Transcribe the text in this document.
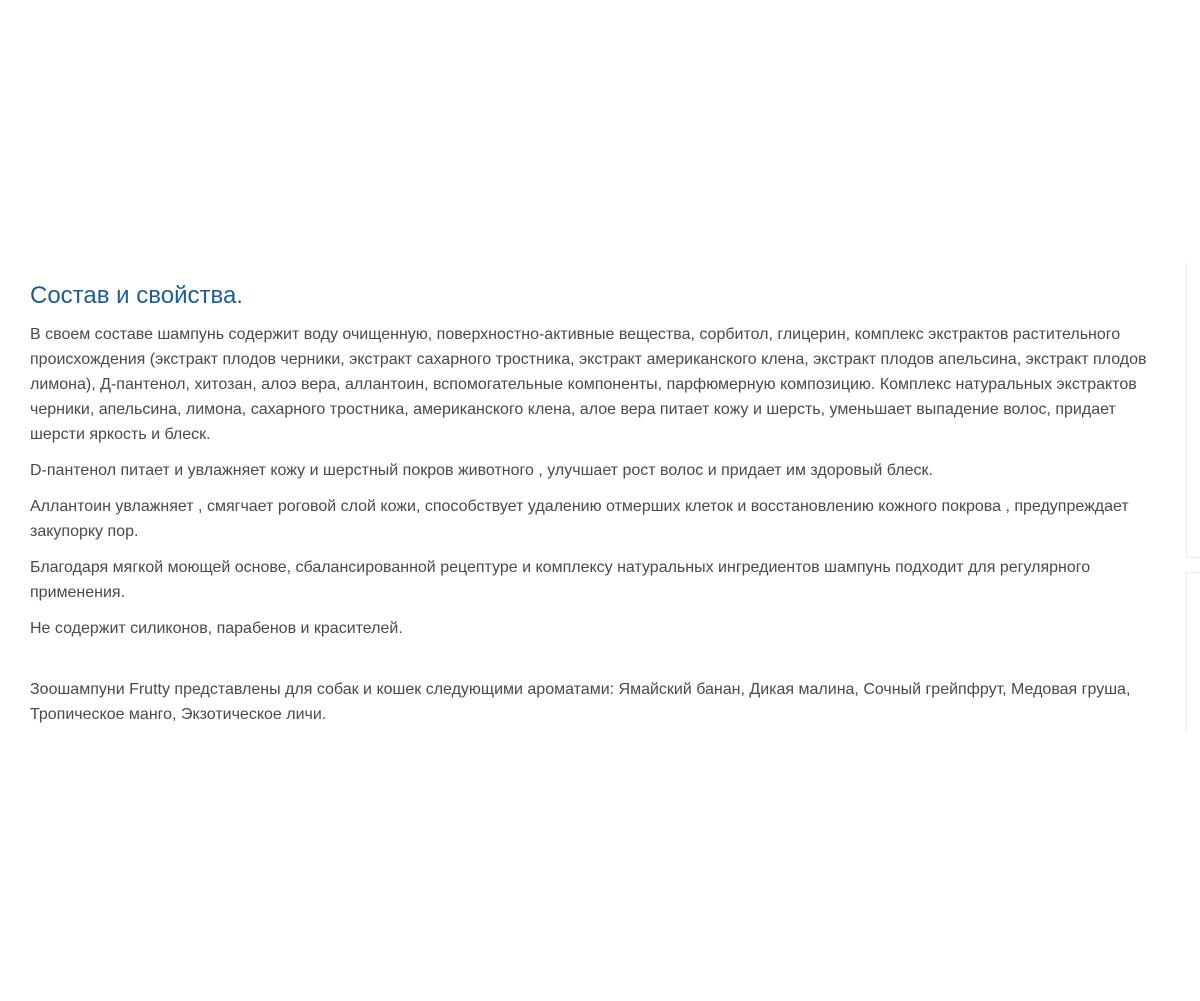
Состав и свойства.

В своем составе шампунь содержит воду очищенную, поверхностно-активные вещества, сорбитол, глицерин, комплекс экстрактов растительного происхождения (экстракт плодов черники, экстракт сахарного тростника, экстракт американского клена, экстракт плодов апельсина, экстракт плодов лимона), Д-пантенол, хитозан, алоэ вера, аллантоин, вспомогательные компоненты, парфюмерную композицию. Комплекс натуральных экстрактов черники, апельсина, лимона, сахарного тростника, американского клена, алое вера питает кожу и шерсть, уменьшает выпадение волос, придает шерсти яркость и блеск.

D-пантенол питает и увлажняет кожу и шерстный покров животного , улучшает рост волос и придает им здоровый блеск.

Аллантоин увлажняет , смягчает роговой слой кожи, способствует удалению отмерших клеток и восстановлению кожного покрова , предупреждает закупорку пор.

Благодаря мягкой моющей основе, сбалансированной рецептуре и комплексу натуральных ингредиентов шампунь подходит для регулярного применения.

Не содержит силиконов, парабенов и красителей.

Зоошампуни Frutty представлены для собак и кошек следующими ароматами: Ямайский банан, Дикая малина, Сочный грейпфрут, Медовая груша, Тропическое манго, Экзотическое личи.
